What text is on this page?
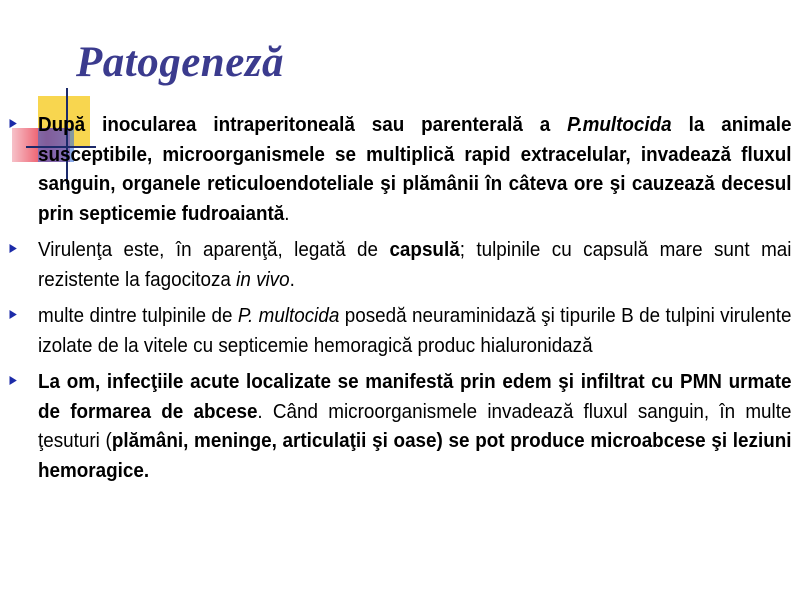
Patogeneză
După inocularea intraperitoneală sau parenterală a P.multocida la animale susceptibile, microorganismele se multiplică rapid extracelular, invadează fluxul sanguin, organele reticuloendoteliale şi plămânii în câteva ore şi cauzează decesul prin septicemie fudroaiantă.
Virulenţa este, în aparenţă, legată de capsulă; tulpinile cu capsulă mare sunt mai rezistente la fagocitoza in vivo.
multe dintre tulpinile de P. multocida posedă neuraminidază şi tipurile B de tulpini virulente izolate de la vitele cu septicemie hemoragică produc hialuronidază
La om, infecţiile acute localizate se manifestă prin edem şi infiltrat cu PMN urmate de formarea de abcese. Când microorganismele invadează fluxul sanguin, în multe ţesuturi (plămâni, meninge, articulaţii şi oase) se pot produce microabcese şi leziuni hemoragice.
